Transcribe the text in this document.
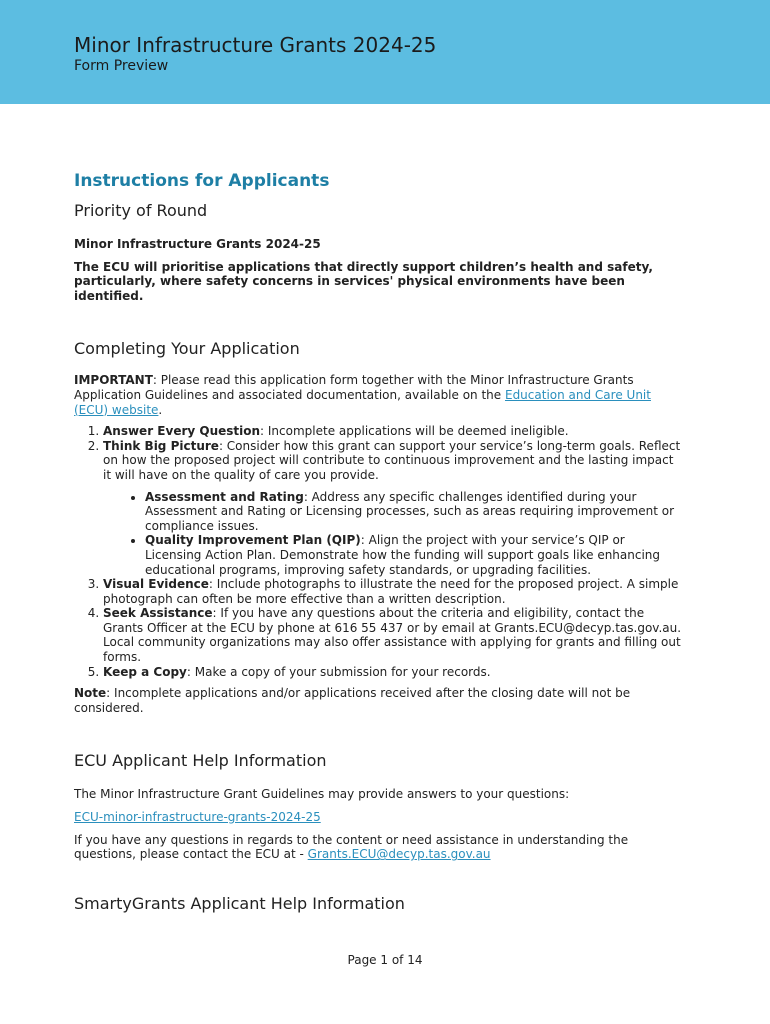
Minor Infrastructure Grants 2024-25
Form Preview
Instructions for Applicants
Priority of Round

Minor Infrastructure Grants 2024-25

The ECU will prioritise applications that directly support children’s health and safety, particularly, where safety concerns in services' physical environments have been identified.

Completing Your Application

IMPORTANT: Please read this application form together with the Minor Infrastructure Grants Application Guidelines and associated documentation, available on the Education and Care Unit (ECU) website.

1. Answer Every Question: Incomplete applications will be deemed ineligible.
2. Think Big Picture: Consider how this grant can support your service’s long-term goals. Reflect on how the proposed project will contribute to continuous improvement and the lasting impact it will have on the quality of care you provide.
• Assessment and Rating: Address any specific challenges identified during your Assessment and Rating or Licensing processes, such as areas requiring improvement or compliance issues.
• Quality Improvement Plan (QIP): Align the project with your service’s QIP or Licensing Action Plan. Demonstrate how the funding will support goals like enhancing educational programs, improving safety standards, or upgrading facilities.
3. Visual Evidence: Include photographs to illustrate the need for the proposed project. A simple photograph can often be more effective than a written description.
4. Seek Assistance: If you have any questions about the criteria and eligibility, contact the Grants Officer at the ECU by phone at 616 55 437 or by email at Grants.ECU@decyp.tas.gov.au. Local community organizations may also offer assistance with applying for grants and filling out forms.
5. Keep a Copy: Make a copy of your submission for your records.

Note: Incomplete applications and/or applications received after the closing date will not be considered.

ECU Applicant Help Information

The Minor Infrastructure Grant Guidelines may provide answers to your questions:

ECU-minor-infrastructure-grants-2024-25

If you have any questions in regards to the content or need assistance in understanding the questions, please contact the ECU at - Grants.ECU@decyp.tas.gov.au

SmartyGrants Applicant Help Information
Page 1 of 14
